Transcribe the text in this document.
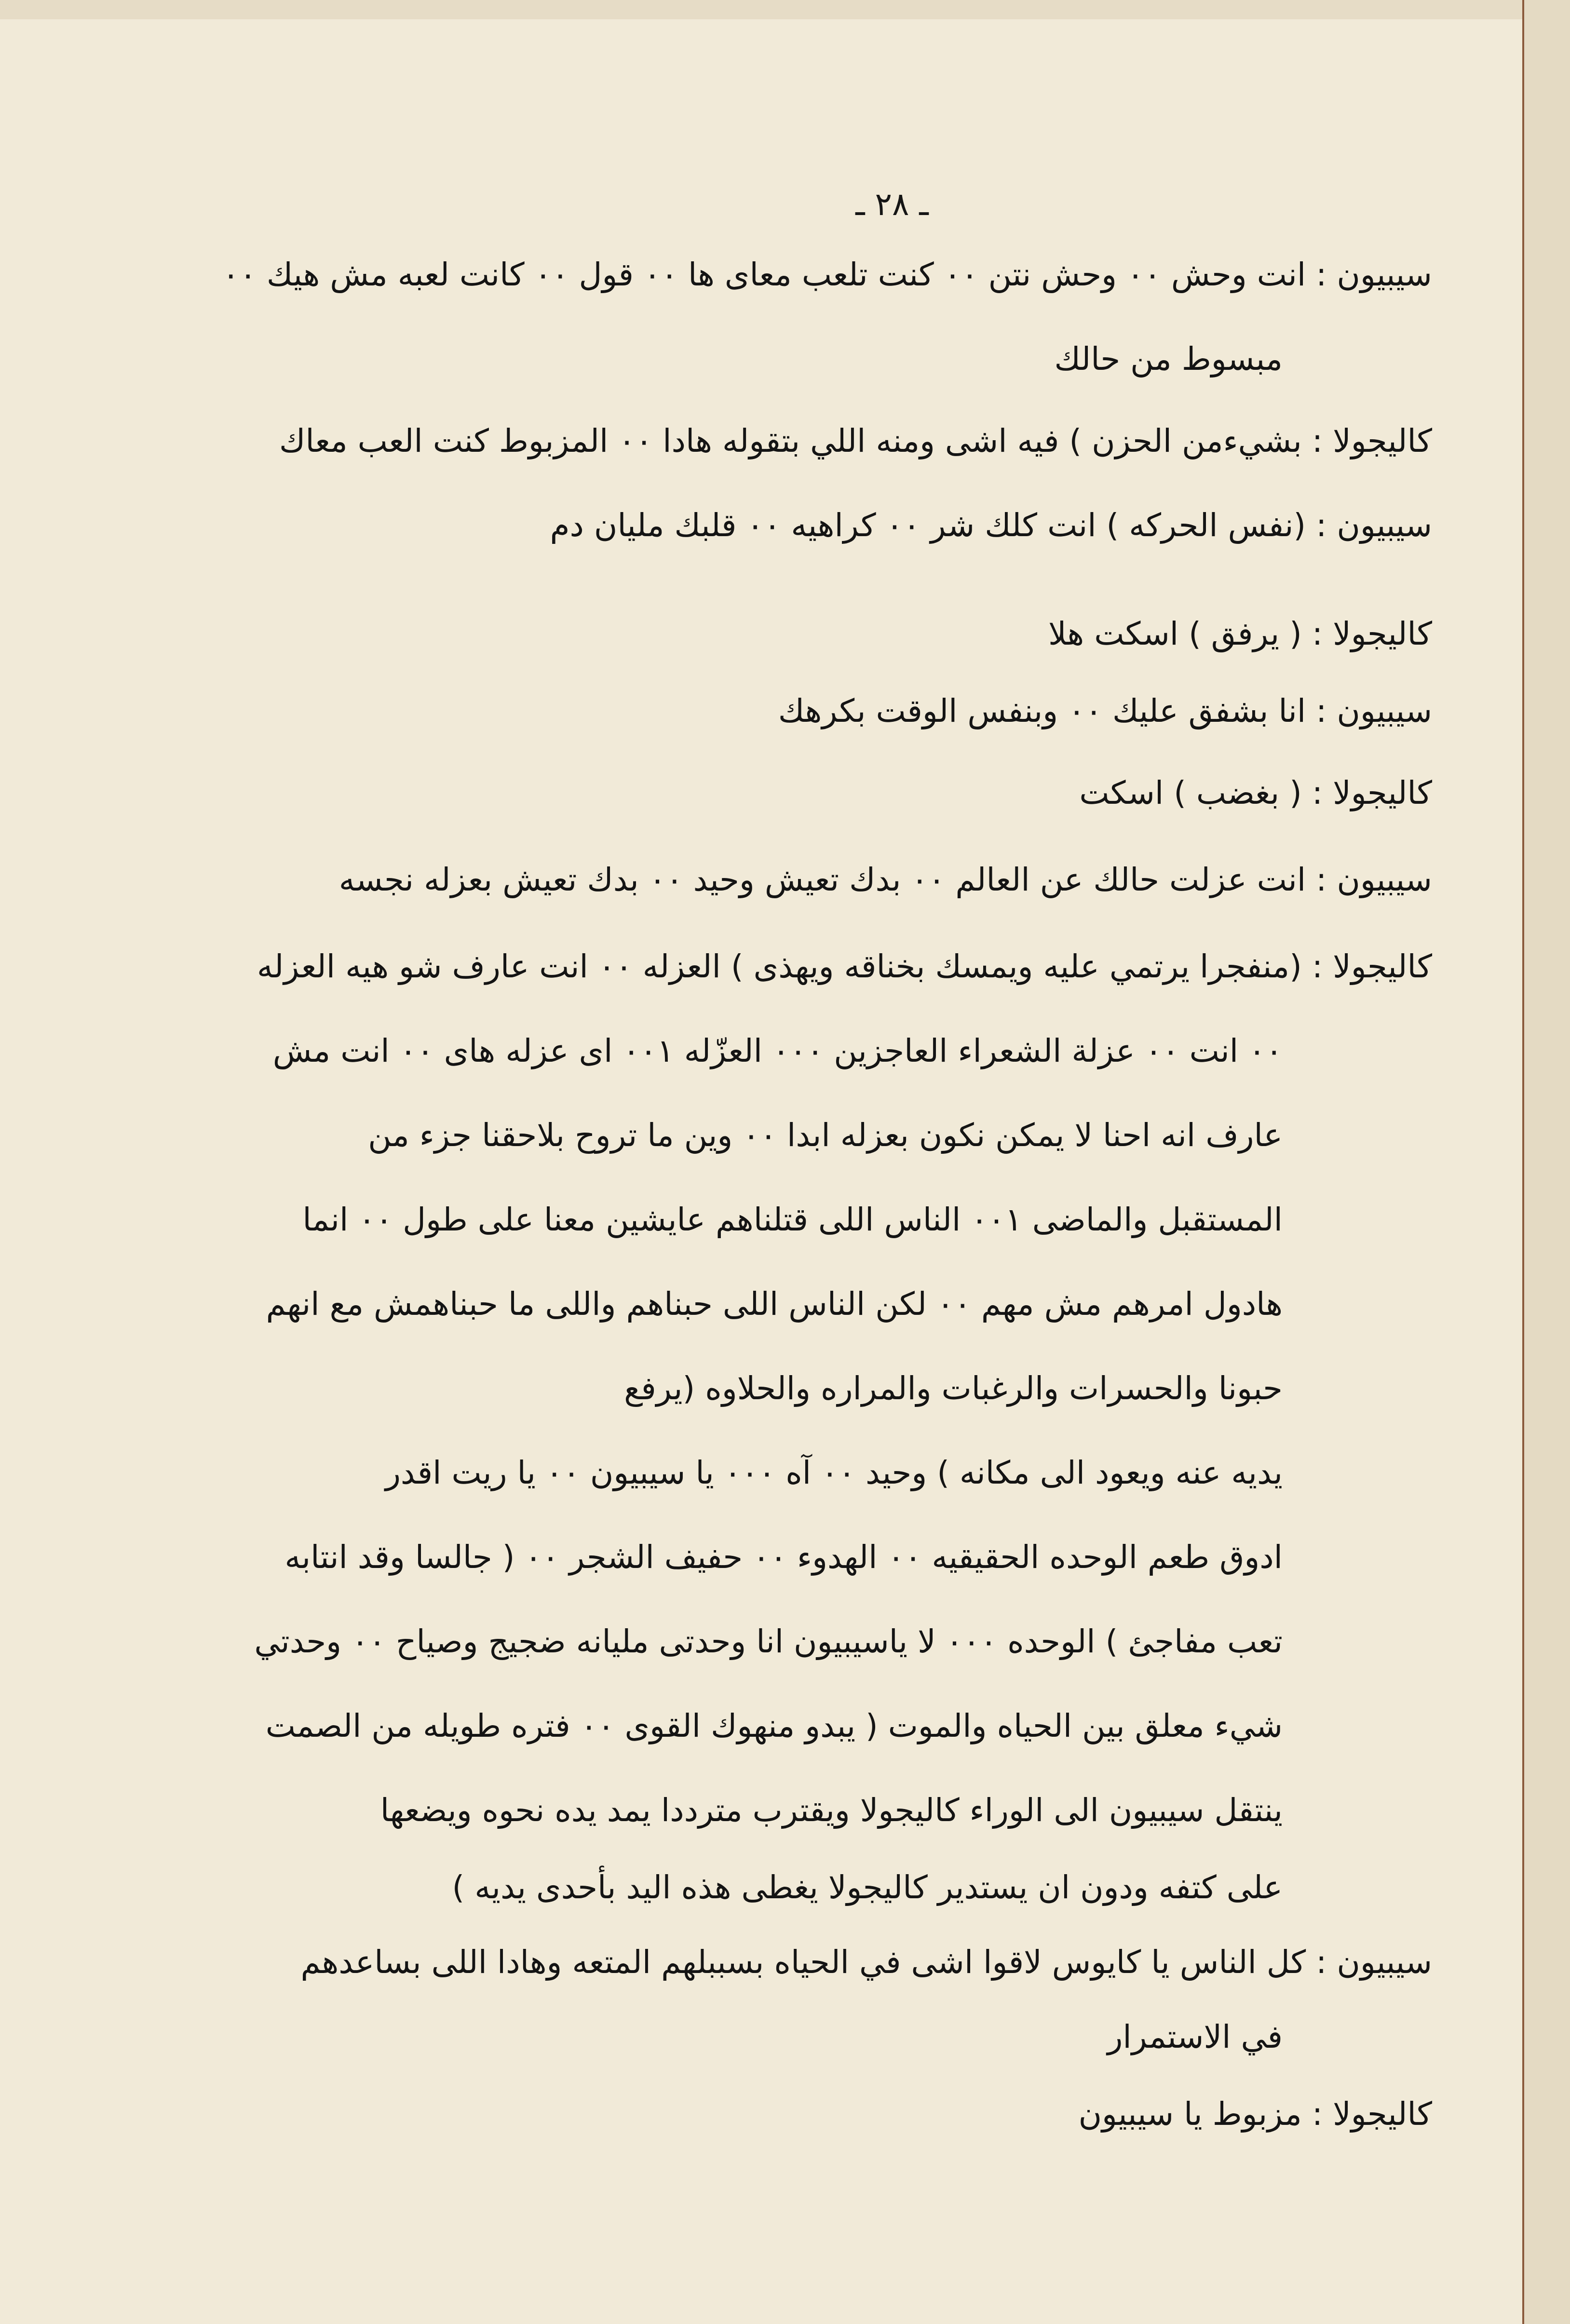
ـ ٢٨ ـ
سيبيون : انت وحش ٠٠ وحش نتن ٠٠ كنت تلعب معاى ها ٠٠ قول ٠٠ كانت لعبه مش هيك ٠٠
مبسوط من حالك
كاليجولا : بشيءمن الحزن ) فيه اشى ومنه اللي بتقوله هادا ٠٠ المزبوط كنت العب معاك
سيبيون : (نفس الحركه ) انت كلك شر ٠٠ كراهيه ٠٠ قلبك مليان دم
كاليجولا : ( يرفق ) اسكت هلا
سيبيون : انا بشفق عليك ٠٠ وبنفس الوقت بكرهك
كاليجولا : ( بغضب ) اسكت
سيبيون : انت عزلت حالك عن العالم ٠٠ بدك تعيش وحيد ٠٠ بدك تعيش بعزله نجسه
كاليجولا : (منفجرا يرتمي عليه ويمسك بخناقه ويهذى ) العزله ٠٠ انت عارف شو هيه العزله
٠٠ انت ٠٠ عزلة الشعراء العاجزين ٠٠٠ العزّله ٠٠١ اى عزله هاى ٠٠ انت مش
عارف انه احنا لا يمكن نكون بعزله ابدا ٠٠ وين ما تروح بلاحقنا جزء من
المستقبل والماضى ٠٠١ الناس اللى قتلناهم عايشين معنا على طول ٠٠ انما
هادول امرهم مش مهم ٠٠ لكن الناس اللى حبناهم واللى ما حبناهمش مع انهم
حبونا والحسرات والرغبات والمراره والحلاوه (يرفع
يديه عنه ويعود الى مكانه ) وحيد ٠٠ آه ٠٠٠ يا سيبيون ٠٠ يا ريت اقدر
ادوق طعم الوحده الحقيقيه ٠٠ الهدوء ٠٠ حفيف الشجر ٠٠ ( جالسا وقد انتابه
تعب مفاجئ ) الوحده ٠٠٠ لا ياسيبيون انا وحدتى مليانه ضجيج وصياح ٠٠ وحدتي
شيء معلق بين الحياه والموت ( يبدو منهوك القوى ٠٠ فتره طويله من الصمت
ينتقل سيبيون الى الوراء كاليجولا ويقترب مترددا يمد يده نحوه ويضعها
على كتفه ودون ان يستدير كاليجولا يغطى هذه اليد بأحدى يديه )
سيبيون : كل الناس يا كايوس لاقوا اشى في الحياه بسببلهم المتعه وهادا اللى بساعدهم
في الاستمرار
كاليجولا : مزبوط يا سيبيون
